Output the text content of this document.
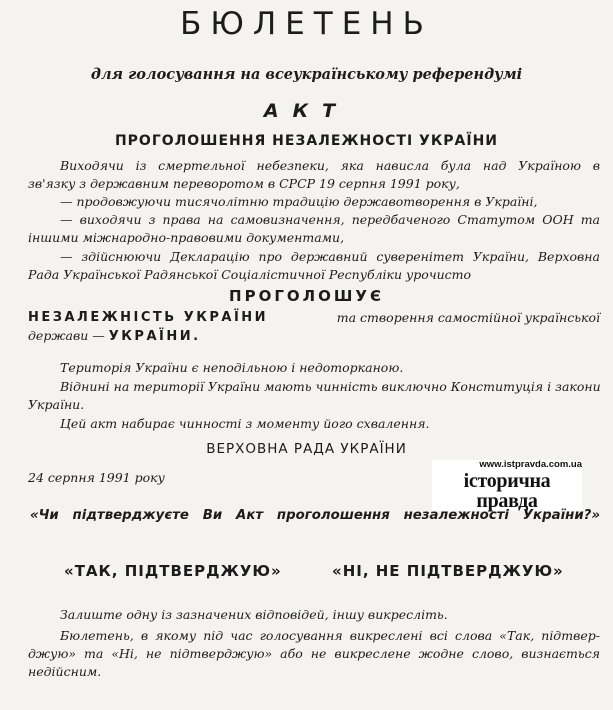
БЮЛЕТЕНЬ
для голосування на всеукраїнському референдумі
АКТ
ПРОГОЛОШЕННЯ НЕЗАЛЕЖНОСТІ УКРАЇНИ
Виходячи із смертельної небезпеки, яка нависла була над Україною в
зв'язку з державним переворотом в СРСР 19 серпня 1991 року,
— продовжуючи тисячолітню традицію державотворення в Україні,
— виходячи з права на самовизначення, передбаченого Статутом ООН та
іншими міжнародно-правовими документами,
— здійснюючи Декларацію про державний суверенітет України, Верховна
Рада Української Радянської Соціалістичної Республіки урочисто
ПРОГОЛОШУЄ
НЕЗАЛЕЖНІСТЬ УКРАЇНИ	та створення самостійної української
держави — УКРАЇНИ.
Територія України є неподільною і недоторканою.
Віднині на території України мають чинність виключно Конституція і закони
України.
Цей акт набирає чинності з моменту його схвалення.
ВЕРХОВНА РАДА УКРАЇНИ
24 серпня 1991 року
www.istpravda.com.ua
історична правда
«Чи підтверджуєте Ви Акт проголошення незалежності України?»
«ТАК, ПІДТВЕРДЖУЮ»	«НІ, НЕ ПІДТВЕРДЖУЮ»
Залиште одну із зазначених відповідей, іншу викресліть.
Бюлетень, в якому під час голосування викреслені всі слова «Так, підтвер-
джую» та «Ні, не підтверджую» або не викреслене жодне слово, визнається
недійсним.
